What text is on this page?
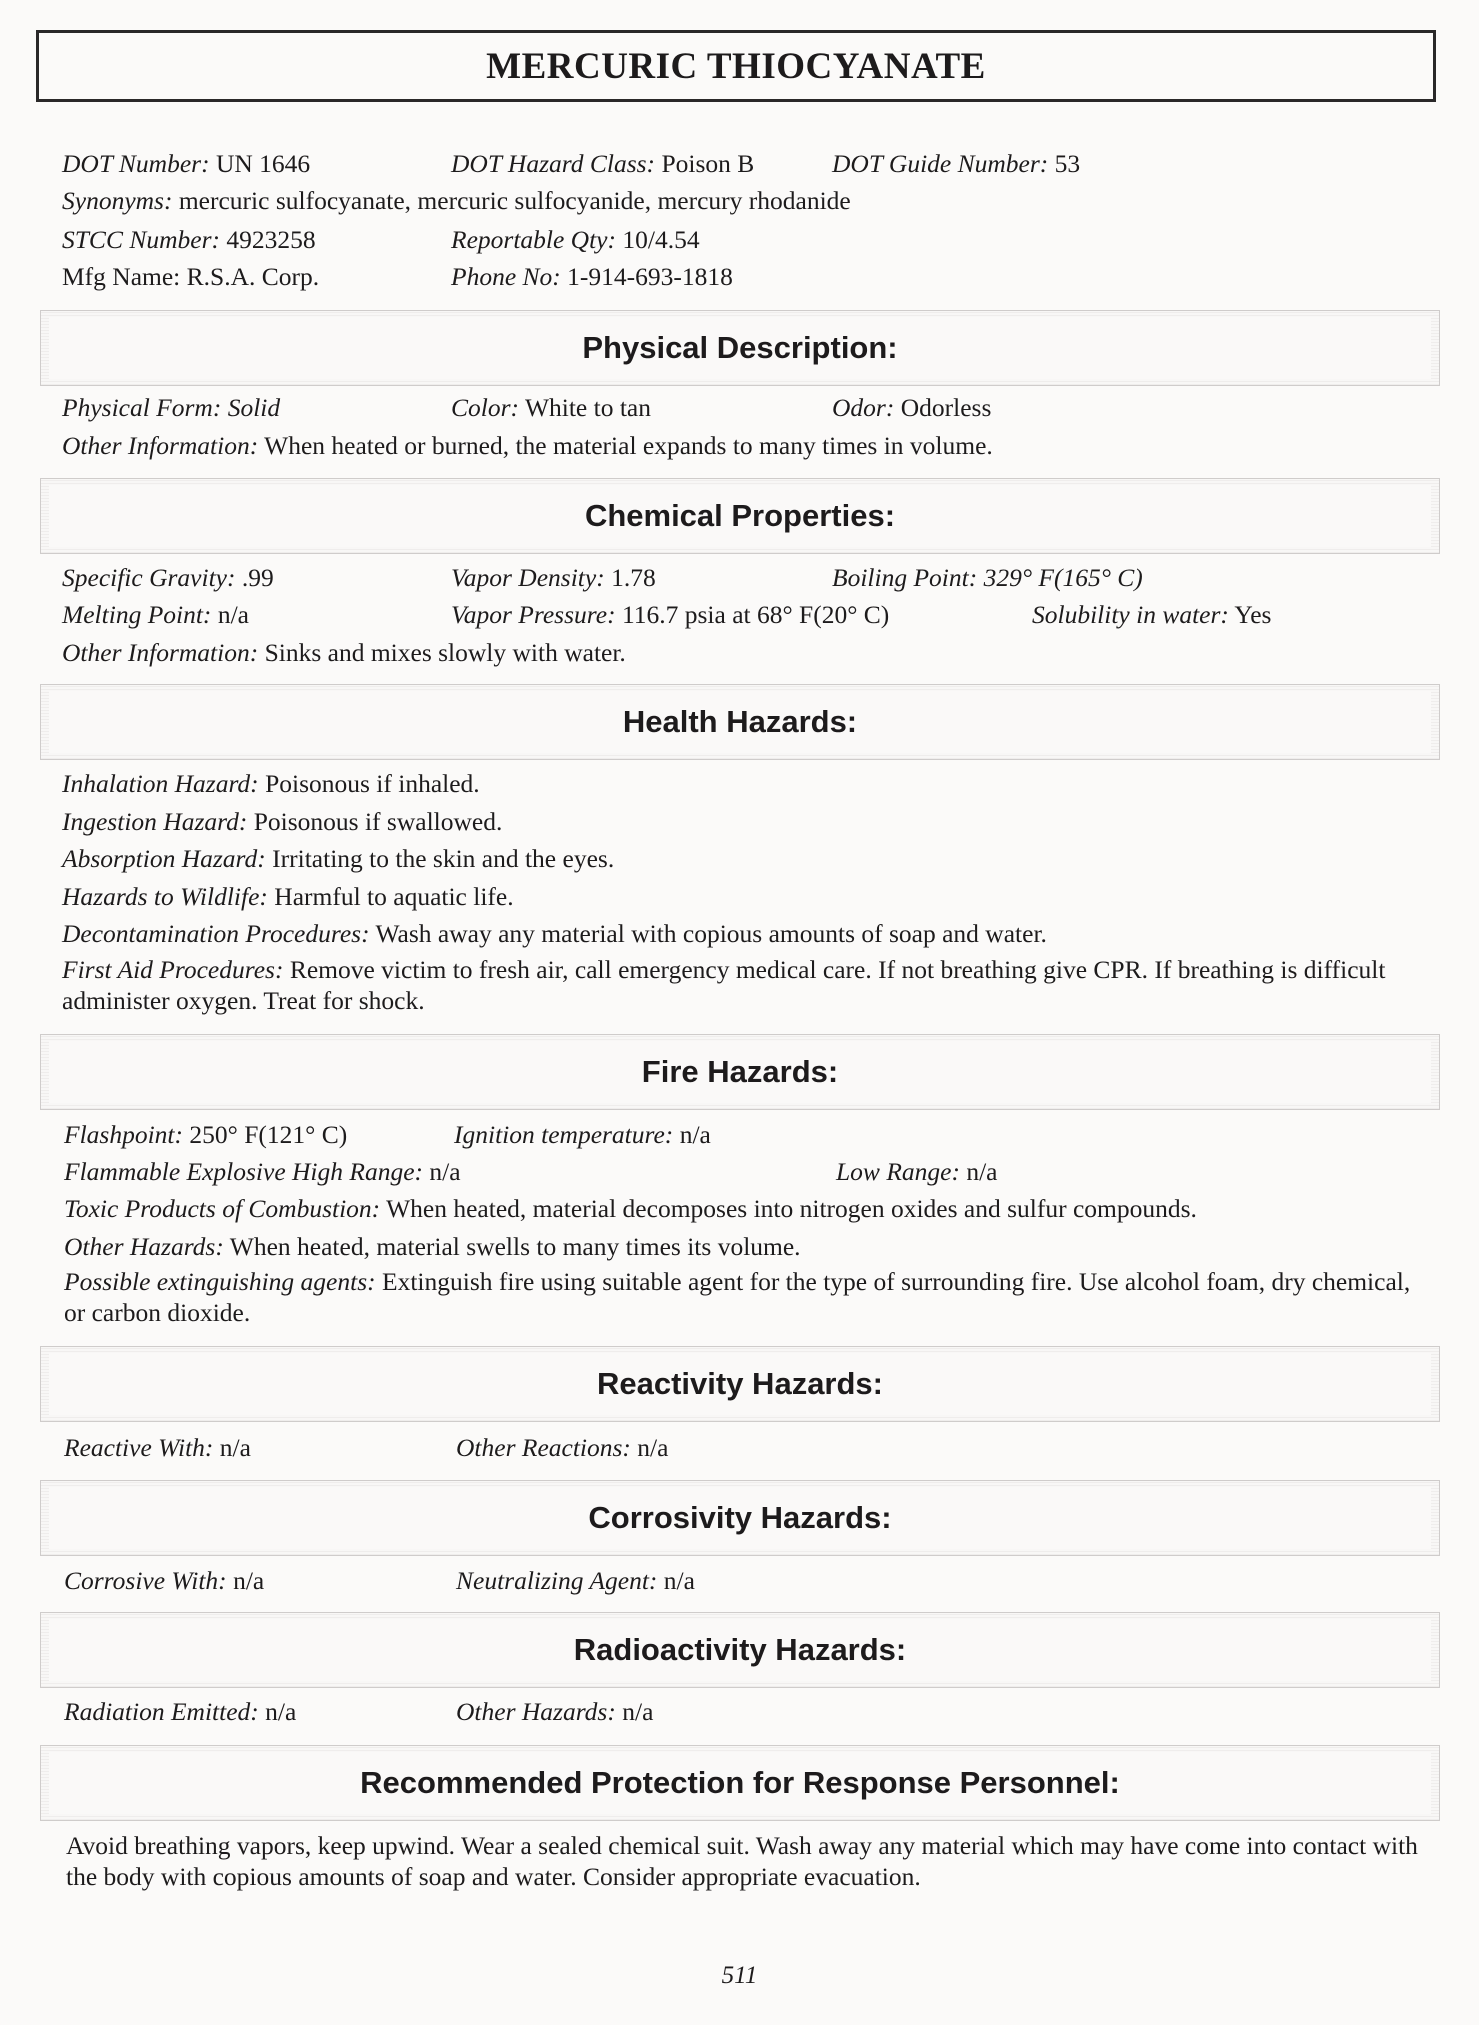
MERCURIC THIOCYANATE
DOT Number: UN 1646	DOT Hazard Class: Poison B	DOT Guide Number: 53
Synonyms: mercuric sulfocyanate, mercuric sulfocyanide, mercury rhodanide
STCC Number: 4923258	Reportable Qty: 10/4.54
Mfg Name: R.S.A. Corp.	Phone No: 1-914-693-1818
Physical Description:
Physical Form: Solid	Color: White to tan	Odor: Odorless
Other Information: When heated or burned, the material expands to many times in volume.
Chemical Properties:
Specific Gravity: .99	Vapor Density: 1.78	Boiling Point: 329° F(165° C)
Melting Point: n/a	Vapor Pressure: 116.7 psia at 68° F(20° C)	Solubility in water: Yes
Other Information: Sinks and mixes slowly with water.
Health Hazards:
Inhalation Hazard: Poisonous if inhaled.
Ingestion Hazard: Poisonous if swallowed.
Absorption Hazard: Irritating to the skin and the eyes.
Hazards to Wildlife: Harmful to aquatic life.
Decontamination Procedures: Wash away any material with copious amounts of soap and water.
First Aid Procedures: Remove victim to fresh air, call emergency medical care. If not breathing give CPR. If breathing is difficult administer oxygen. Treat for shock.
Fire Hazards:
Flashpoint: 250° F(121° C)	Ignition temperature: n/a
Flammable Explosive High Range: n/a	Low Range: n/a
Toxic Products of Combustion: When heated, material decomposes into nitrogen oxides and sulfur compounds.
Other Hazards: When heated, material swells to many times its volume.
Possible extinguishing agents: Extinguish fire using suitable agent for the type of surrounding fire. Use alcohol foam, dry chemical, or carbon dioxide.
Reactivity Hazards:
Reactive With: n/a	Other Reactions: n/a
Corrosivity Hazards:
Corrosive With: n/a	Neutralizing Agent: n/a
Radioactivity Hazards:
Radiation Emitted: n/a	Other Hazards: n/a
Recommended Protection for Response Personnel:
Avoid breathing vapors, keep upwind. Wear a sealed chemical suit. Wash away any material which may have come into contact with the body with copious amounts of soap and water. Consider appropriate evacuation.
511
